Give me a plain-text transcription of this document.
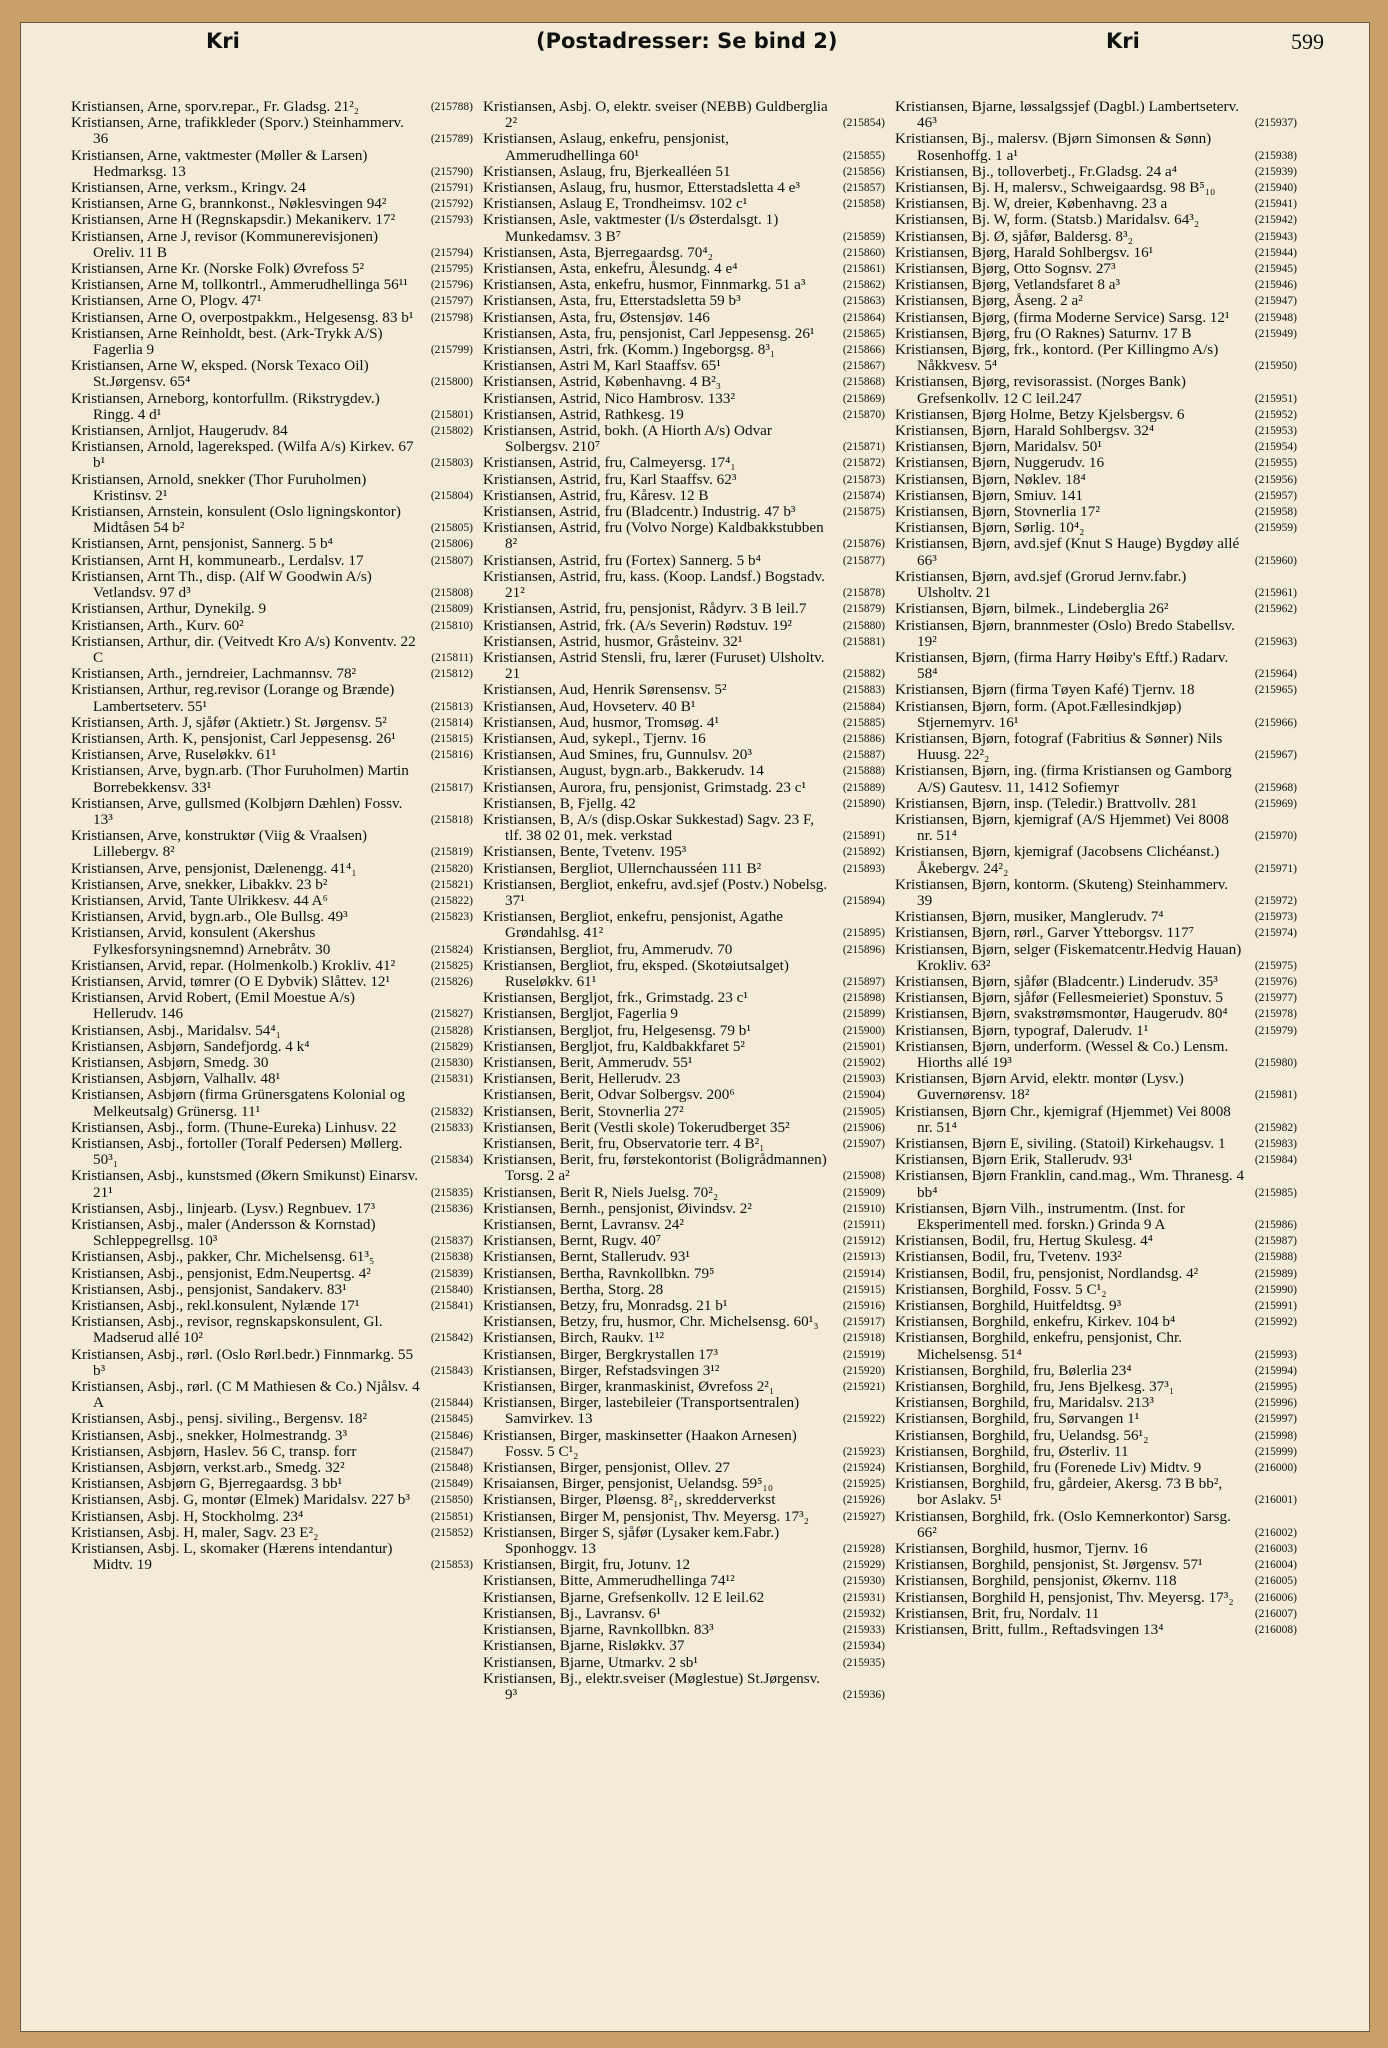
Kri	(Postadresser: Se bind 2)	Kri	599
Kristiansen, Arne, sporv.repar., Fr. Gladsg. 21²₂	(215788)
Kristiansen, Arne, trafikkleder (Sporv.) Steinhammerv. 36	(215789)
Kristiansen, Arne, vaktmester (Møller & Larsen) Hedmarksg. 13	(215790)
Kristiansen, Arne, verksm., Kringv. 24	(215791)
Kristiansen, Arne G, brannkonst., Nøklesvingen 94²	(215792)
Kristiansen, Arne H (Regnskapsdir.) Mekanikerv. 17²	(215793)
Kristiansen, Arne J, revisor (Kommunerevisjonen) Oreliv. 11 B	(215794)
Kristiansen, Arne Kr. (Norske Folk) Øvrefoss 5²	(215795)
Kristiansen, Arne M, tollkontrl., Ammerudhellinga 56¹¹ (215796)
Kristiansen, Arne O, Plogv. 47¹	(215797)
Kristiansen, Arne O, overpostpakkm., Helgesensg. 83 b¹ (215798)
Kristiansen, Arne Reinholdt, best. (Ark-Trykk A/S) Fagerlia 9	(215799)
Kristiansen, Arne W, eksped. (Norsk Texaco Oil) St.Jørgensv. 65⁴	(215800)
Kristiansen, Arneborg, kontorfullm. (Rikstrygdev.) Ringg. 4 d¹	(215801)
Kristiansen, Arnljot, Haugerudv. 84	(215802)
Kristiansen, Arnold, lagereksped. (Wilfa A/s) Kirkev. 67 b¹	(215803)
Kristiansen, Arnold, snekker (Thor Furuholmen) Kristinsv. 2¹	(215804)
Kristiansen, Arnstein, konsulent (Oslo ligningskontor) Midtåsen 54 b²	(215805)
Kristiansen, Arnt, pensjonist, Sannerg. 5 b⁴	(215806)
Kristiansen, Arnt H, kommunearb., Lerdalsv. 17	(215807)
Kristiansen, Arnt Th., disp. (Alf W Goodwin A/s) Vetlandsv. 97 d³	(215808)
Kristiansen, Arthur, Dynekilg. 9	(215809)
Kristiansen, Arth., Kurv. 60²	(215810)
Kristiansen, Arthur, dir. (Veitvedt Kro A/s) Konventv. 22 C	(215811)
Kristiansen, Arth., jerndreier, Lachmannsv. 78²	(215812)
Kristiansen, Arthur, reg.revisor (Lorange og Brænde) Lambertseterv. 55¹	(215813)
Kristiansen, Arth. J, sjåfør (Aktietr.) St. Jørgensv. 5²	(215814)
Kristiansen, Arth. K, pensjonist, Carl Jeppesensg. 26¹	(215815)
Kristiansen, Arve, Ruseløkkv. 61¹	(215816)
Kristiansen, Arve, bygn.arb. (Thor Furuholmen) Martin Borrebekkensv. 33¹	(215817)
Kristiansen, Arve, gullsmed (Kolbjørn Dæhlen) Fossv. 13³	(215818)
Kristiansen, Arve, konstruktør (Viig & Vraalsen) Lillebergv. 8²	(215819)
Kristiansen, Arve, pensjonist, Dælenengg. 41⁴₁	(215820)
Kristiansen, Arve, snekker, Libakkv. 23 b²	(215821)
Kristiansen, Arvid, Tante Ulrikkesv. 44 A⁶	(215822)
Kristiansen, Arvid, bygn.arb., Ole Bullsg. 49³	(215823)
Kristiansen, Arvid, konsulent (Akershus Fylkesforsyningsnemnd) Arnebråtv. 30	(215824)
Kristiansen, Arvid, repar. (Holmenkolb.) Krokliv. 41²	(215825)
Kristiansen, Arvid, tømrer (O E Dybvik) Slåttev. 12¹	(215826)
Kristiansen, Arvid Robert, (Emil Moestue A/s) Hellerudv. 146	(215827)
Kristiansen, Asbj., Maridalsv. 54⁴₁	(215828)
Kristiansen, Asbjørn, Sandefjordg. 4 k⁴	(215829)
Kristiansen, Asbjørn, Smedg. 30	(215830)
Kristiansen, Asbjørn, Valhallv. 48¹	(215831)
Kristiansen, Asbjørn (firma Grünersgatens Kolonial og Melkeutsalg) Grünersg. 11¹	(215832)
Kristiansen, Asbj., form. (Thune-Eureka) Linhusv. 22	(215833)
Kristiansen, Asbj., fortoller (Toralf Pedersen) Møllerg. 50³₁	(215834)
Kristiansen, Asbj., kunstsmed (Økern Smikunst) Einarsv. 21¹	(215835)
Kristiansen, Asbj., linjearb. (Lysv.) Regnbuev. 17³	(215836)
Kristiansen, Asbj., maler (Andersson & Kornstad) Schleppegrellsg. 10³	(215837)
Kristiansen, Asbj., pakker, Chr. Michelsensg. 61³₅	(215838)
Kristiansen, Asbj., pensjonist, Edm.Neupertsg. 4²	(215839)
Kristiansen, Asbj., pensjonist, Sandakerv. 83¹	(215840)
Kristiansen, Asbj., rekl.konsulent, Nylænde 17¹	(215841)
Kristiansen, Asbj., revisor, regnskapskonsulent, Gl. Madserud allé 10²	(215842)
Kristiansen, Asbj., rørl. (Oslo Rørl.bedr.) Finnmarkg. 55 b³	(215843)
Kristiansen, Asbj., rørl. (C M Mathiesen & Co.) Njålsv. 4 A	(215844)
Kristiansen, Asbj., pensj. siviling., Bergensv. 18²	(215845)
Kristiansen, Asbj., snekker, Holmestrandg. 3³	(215846)
Kristiansen, Asbjørn, Haslev. 56 C, transp. forr	(215847)
Kristiansen, Asbjørn, verkst.arb., Smedg. 32²	(215848)
Kristiansen, Asbjørn G, Bjerregaardsg. 3 bb¹	(215849)
Kristiansen, Asbj. G, montør (Elmek) Maridalsv. 227 b³ (215850)
Kristiansen, Asbj. H, Stockholmg. 23⁴	(215851)
Kristiansen, Asbj. H, maler, Sagv. 23 E²₂	(215852)
Kristiansen, Asbj. L, skomaker (Hærens intendantur) Midtv. 19	(215853)
Kristiansen, Asbj. O, elektr. sveiser (NEBB) Guldberglia 2²	(215854)
Kristiansen, Aslaug, enkefru, pensjonist, Ammerudhellinga 60¹	(215855)
Kristiansen, Aslaug, fru, Bjerkealléen 51	(215856)
Kristiansen, Aslaug, fru, husmor, Etterstadsletta 4 e³	(215857)
Kristiansen, Aslaug E, Trondheimsv. 102 c¹	(215858)
Kristiansen, Asle, vaktmester (I/s Østerdalsgt. 1) Munkedamsv. 3 B⁷	(215859)
Kristiansen, Asta, Bjerregaardsg. 70⁴₂	(215860)
Kristiansen, Asta, enkefru, Ålesundg. 4 e⁴	(215861)
Kristiansen, Asta, enkefru, husmor, Finnmarkg. 51 a³	(215862)
Kristiansen, Asta, fru, Etterstadsletta 59 b³	(215863)
Kristiansen, Asta, fru, Østensjøv. 146	(215864)
Kristiansen, Asta, fru, pensjonist, Carl Jeppesensg. 26¹ (215865)
Kristiansen, Astri, frk. (Komm.) Ingeborgsg. 8³₁	(215866)
Kristiansen, Astri M, Karl Staaffsv. 65¹	(215867)
Kristiansen, Astrid, Københavng. 4 B²₃	(215868)
Kristiansen, Astrid, Nico Hambrosv. 133²	(215869)
Kristiansen, Astrid, Rathkesg. 19	(215870)
Kristiansen, Astrid, bokh. (A Hiorth A/s) Odvar Solbergsv. 210⁷	(215871)
Kristiansen, Astrid, fru, Calmeyersg. 17⁴₁	(215872)
Kristiansen, Astrid, fru, Karl Staaffsv. 62³	(215873)
Kristiansen, Astrid, fru, Kåresv. 12 B	(215874)
Kristiansen, Astrid, fru (Bladcentr.) Industrig. 47 b³	(215875)
Kristiansen, Astrid, fru (Volvo Norge) Kaldbakkstubben 8²	(215876)
Kristiansen, Astrid, fru (Fortex) Sannerg. 5 b⁴	(215877)
Kristiansen, Astrid, fru, kass. (Koop. Landsf.) Bogstadv. 21²	(215878)
Kristiansen, Astrid, fru, pensjonist, Rådyrv. 3 B leil.7	(215879)
Kristiansen, Astrid, frk. (A/s Severin) Rødstuv. 19²	(215880)
Kristiansen, Astrid, husmor, Gråsteinv. 32¹	(215881)
Kristiansen, Astrid Stensli, fru, lærer (Furuset) Ulsholtv. 21	(215882)
Kristiansen, Aud, Henrik Sørensensv. 5²	(215883)
Kristiansen, Aud, Hovseterv. 40 B¹	(215884)
Kristiansen, Aud, husmor, Tromsøg. 4¹	(215885)
Kristiansen, Aud, sykepl., Tjernv. 16	(215886)
Kristiansen, Aud Smines, fru, Gunnulsv. 20³	(215887)
Kristiansen, August, bygn.arb., Bakkerudv. 14	(215888)
Kristiansen, Aurora, fru, pensjonist, Grimstadg. 23 c¹	(215889)
Kristiansen, B, Fjellg. 42	(215890)
Kristiansen, B, A/s (disp.Oskar Sukkestad) Sagv. 23 F, tlf. 38 02 01, mek. verkstad	(215891)
Kristiansen, Bente, Tvetenv. 195³	(215892)
Kristiansen, Bergliot, Ullernchausséen 111 B²	(215893)
Kristiansen, Bergliot, enkefru, avd.sjef (Postv.) Nobelsg. 37¹	(215894)
Kristiansen, Bergliot, enkefru, pensjonist, Agathe Grøndahlsg. 41²	(215895)
Kristiansen, Bergliot, fru, Ammerudv. 70	(215896)
Kristiansen, Bergliot, fru, eksped. (Skotøiutsalget) Ruseløkkv. 61¹	(215897)
Kristiansen, Bergljot, frk., Grimstadg. 23 c¹	(215898)
Kristiansen, Bergljot, Fagerlia 9	(215899)
Kristiansen, Bergljot, fru, Helgesensg. 79 b¹	(215900)
Kristiansen, Bergljot, fru, Kaldbakkfaret 5²	(215901)
Kristiansen, Berit, Ammerudv. 55¹	(215902)
Kristiansen, Berit, Hellerudv. 23	(215903)
Kristiansen, Berit, Odvar Solbergsv. 200⁶	(215904)
Kristiansen, Berit, Stovnerlia 27²	(215905)
Kristiansen, Berit (Vestli skole) Tokerudberget 35²	(215906)
Kristiansen, Berit, fru, Observatorie terr. 4 B²₁	(215907)
Kristiansen, Berit, fru, førstekontorist (Boligrådmannen) Torsg. 2 a²	(215908)
Kristiansen, Berit R, Niels Juelsg. 70²₂	(215909)
Kristiansen, Bernh., pensjonist, Øivindsv. 2²	(215910)
Kristiansen, Bernt, Lavransv. 24²	(215911)
Kristiansen, Bernt, Rugv. 40⁷	(215912)
Kristiansen, Bernt, Stallerudv. 93¹	(215913)
Kristiansen, Bertha, Ravnkollbkn. 79⁵	(215914)
Kristiansen, Bertha, Storg. 28	(215915)
Kristiansen, Betzy, fru, Monradsg. 21 b¹	(215916)
Kristiansen, Betzy, fru, husmor, Chr. Michelsensg. 60¹₃ (215917)
Kristiansen, Birch, Raukv. 1¹²	(215918)
Kristiansen, Birger, Bergkrystallen 17³	(215919)
Kristiansen, Birger, Refstadsvingen 3¹²	(215920)
Kristiansen, Birger, kranmaskinist, Øvrefoss 2²₁	(215921)
Kristiansen, Birger, lastebileier (Transportsentralen) Samvirkev. 13	(215922)
Kristiansen, Birger, maskinsetter (Haakon Arnesen) Fossv. 5 C¹₂	(215923)
Kristiansen, Birger, pensjonist, Ollev. 27	(215924)
Krisaiansen, Birger, pensjonist, Uelandsg. 59⁵₁₀	(215925)
Kristiansen, Birger, Pløensg. 8²₁, skredderverkst	(215926)
Kristiansen, Birger M, pensjonist, Thv. Meyersg. 17³₂	(215927)
Kristiansen, Birger S, sjåfør (Lysaker kem.Fabr.) Sponhoggv. 13	(215928)
Kristiansen, Birgit, fru, Jotunv. 12	(215929)
Kristiansen, Bitte, Ammerudhellinga 74¹²	(215930)
Kristiansen, Bjarne, Grefsenkollv. 12 E leil.62	(215931)
Kristiansen, Bj., Lavransv. 6¹	(215932)
Kristiansen, Bjarne, Ravnkollbkn. 83³	(215933)
Kristiansen, Bjarne, Risløkkv. 37	(215934)
Kristiansen, Bjarne, Utmarkv. 2 sb¹	(215935)
Kristiansen, Bj., elektr.sveiser (Møglestue) St.Jørgensv. 9³	(215936)
Kristiansen, Bjarne, løssalgssjef (Dagbl.) Lambertseterv. 46³	(215937)
Kristiansen, Bj., malersv. (Bjørn Simonsen & Sønn) Rosenhoffg. 1 a¹	(215938)
Kristiansen, Bj., tolloverbetj., Fr.Gladsg. 24 a⁴	(215939)
Kristiansen, Bj. H, malersv., Schweigaardsg. 98 B⁵₁₀	(215940)
Kristiansen, Bj. W, dreier, Københavng. 23 a	(215941)
Kristiansen, Bj. W, form. (Statsb.) Maridalsv. 64³₂	(215942)
Kristiansen, Bj. Ø, sjåfør, Baldersg. 8³₂	(215943)
Kristiansen, Bjørg, Harald Sohlbergsv. 16¹	(215944)
Kristiansen, Bjørg, Otto Sognsv. 27³	(215945)
Kristiansen, Bjørg, Vetlandsfaret 8 a³	(215946)
Kristiansen, Bjørg, Åseng. 2 a²	(215947)
Kristiansen, Bjørg, (firma Moderne Service) Sarsg. 12¹ (215948)
Kristiansen, Bjørg, fru (O Raknes) Saturnv. 17 B	(215949)
Kristiansen, Bjørg, frk., kontord. (Per Killingmo A/s) Nåkkvesv. 5⁴	(215950)
Kristiansen, Bjørg, revisorassist. (Norges Bank) Grefsenkollv. 12 C leil.247	(215951)
Kristiansen, Bjørg Holme, Betzy Kjelsbergsv. 6	(215952)
Kristiansen, Bjørn, Harald Sohlbergsv. 32⁴	(215953)
Kristiansen, Bjørn, Maridalsv. 50¹	(215954)
Kristiansen, Bjørn, Nuggerudv. 16	(215955)
Kristiansen, Bjørn, Nøklev. 18⁴	(215956)
Kristiansen, Bjørn, Smiuv. 141	(215957)
Kristiansen, Bjørn, Stovnerlia 17²	(215958)
Kristiansen, Bjørn, Sørlig. 10⁴₂	(215959)
Kristiansen, Bjørn, avd.sjef (Knut S Hauge) Bygdøy allé 66³	(215960)
Kristiansen, Bjørn, avd.sjef (Grorud Jernv.fabr.) Ulsholtv. 21	(215961)
Kristiansen, Bjørn, bilmek., Lindeberglia 26²	(215962)
Kristiansen, Bjørn, brannmester (Oslo) Bredo Stabellsv. 19²	(215963)
Kristiansen, Bjørn, (firma Harry Høiby's Eftf.) Radarv. 58⁴	(215964)
Kristiansen, Bjørn (firma Tøyen Kafé) Tjernv. 18	(215965)
Kristiansen, Bjørn, form. (Apot.Fællesindkjøp) Stjernemyrv. 16¹	(215966)
Kristiansen, Bjørn, fotograf (Fabritius & Sønner) Nils Huusg. 22²₂	(215967)
Kristiansen, Bjørn, ing. (firma Kristiansen og Gamborg A/S) Gautesv. 11, 1412 Sofiemyr	(215968)
Kristiansen, Bjørn, insp. (Teledir.) Brattvollv. 281	(215969)
Kristiansen, Bjørn, kjemigraf (A/S Hjemmet) Vei 8008 nr. 51⁴	(215970)
Kristiansen, Bjørn, kjemigraf (Jacobsens Clichéanst.) Åkebergv. 24²₂	(215971)
Kristiansen, Bjørn, kontorm. (Skuteng) Steinhammerv. 39	(215972)
Kristiansen, Bjørn, musiker, Manglerudv. 7⁴	(215973)
Kristiansen, Bjørn, rørl., Garver Ytteborgsv. 117⁷	(215974)
Kristiansen, Bjørn, selger (Fiskematcentr.Hedvig Hauan) Krokliv. 63²	(215975)
Kristiansen, Bjørn, sjåfør (Bladcentr.) Linderudv. 35³	(215976)
Kristiansen, Bjørn, sjåfør (Fellesmeieriet) Sponstuv. 5	(215977)
Kristiansen, Bjørn, svakstrømsmontør, Haugerudv. 80⁴ (215978)
Kristiansen, Bjørn, typograf, Dalerudv. 1¹	(215979)
Kristiansen, Bjørn, underform. (Wessel & Co.) Lensm. Hiorths allé 19³	(215980)
Kristiansen, Bjørn Arvid, elektr. montør (Lysv.) Guvernørensv. 18²	(215981)
Kristiansen, Bjørn Chr., kjemigraf (Hjemmet) Vei 8008 nr. 51⁴	(215982)
Kristiansen, Bjørn E, siviling. (Statoil) Kirkehaugsv. 1	(215983)
Kristiansen, Bjørn Erik, Stallerudv. 93¹	(215984)
Kristiansen, Bjørn Franklin, cand.mag., Wm. Thranesg. 4 bb⁴	(215985)
Kristiansen, Bjørn Vilh., instrumentm. (Inst. for Eksperimentell med. forskn.) Grinda 9 A	(215986)
Kristiansen, Bodil, fru, Hertug Skulesg. 4⁴	(215987)
Kristiansen, Bodil, fru, Tvetenv. 193²	(215988)
Kristiansen, Bodil, fru, pensjonist, Nordlandsg. 4²	(215989)
Kristiansen, Borghild, Fossv. 5 C¹₂	(215990)
Kristiansen, Borghild, Huitfeldtsg. 9³	(215991)
Kristiansen, Borghild, enkefru, Kirkev. 104 b⁴	(215992)
Kristiansen, Borghild, enkefru, pensjonist, Chr. Michelsensg. 51⁴	(215993)
Kristiansen, Borghild, fru, Bølerlia 23⁴	(215994)
Kristiansen, Borghild, fru, Jens Bjelkesg. 37³₁	(215995)
Kristiansen, Borghild, fru, Maridalsv. 213³	(215996)
Kristiansen, Borghild, fru, Sørvangen 1¹	(215997)
Kristiansen, Borghild, fru, Uelandsg. 56¹₂	(215998)
Kristiansen, Borghild, fru, Østerliv. 11	(215999)
Kristiansen, Borghild, fru (Forenede Liv) Midtv. 9	(216000)
Kristiansen, Borghild, fru, gårdeier, Akersg. 73 B bb², bor Aslakv. 5¹	(216001)
Kristiansen, Borghild, frk. (Oslo Kemnerkontor) Sarsg. 66²	(216002)
Kristiansen, Borghild, husmor, Tjernv. 16	(216003)
Kristiansen, Borghild, pensjonist, St. Jørgensv. 57¹	(216004)
Kristiansen, Borghild, pensjonist, Økernv. 118	(216005)
Kristiansen, Borghild H, pensjonist, Thv. Meyersg. 17³₂ (216006)
Kristiansen, Brit, fru, Nordalv. 11	(216007)
Kristiansen, Britt, fullm., Reftadsvingen 13⁴	(216008)
